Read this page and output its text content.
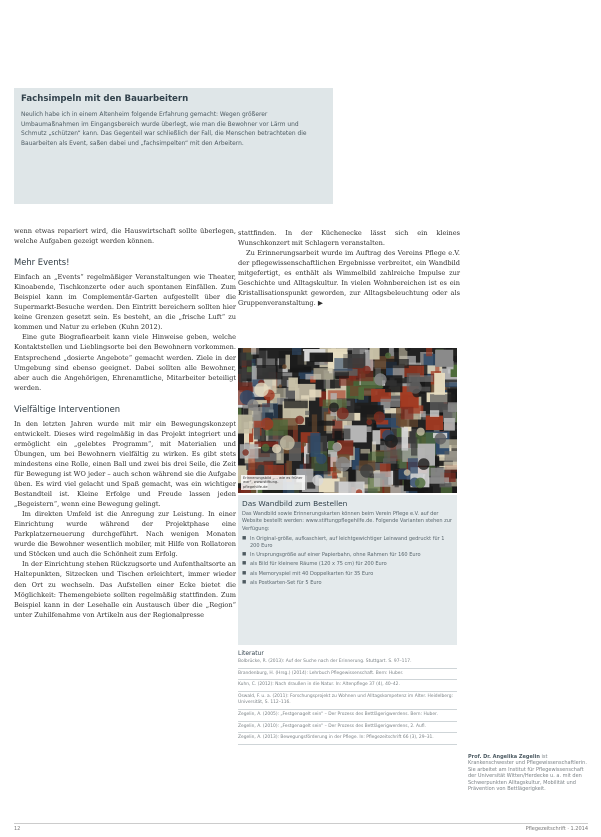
Fachsimpeln mit den Bauarbeitern

Neulich habe ich in einem Altenheim folgende Erfahrung gemacht: Wegen größerer Umbaumaßnahmen im Eingangsbereich wurde überlegt, wie man die Bewohner vor Lärm und Schmutz „schützen“ kann. Das Gegenteil war schließlich der Fall, die Menschen betrachteten die Bauarbeiten als Event, saßen dabei und „fachsimpelten“ mit den Arbeitern.

wenn etwas repariert wird, die Hauswirtschaft sollte überlegen, welche Aufgaben gezeigt werden können.

Mehr Events!

Einfach an „Events“ regelmäßiger Veranstaltungen wie Theater, Kinoabende, Tischkonzerte oder auch spontanen Einfällen. Zum Beispiel kann im Complementär-Garten aufgestellt über die Supermarkt-Besuche werden. Den Eintritt bereichern sollten hier keine Grenzen gesetzt sein. Es besteht, an die „frische Luft“ zu kommen und Natur zu erleben (Kuhn 2012).

Eine gute Biografiearbeit kann viele Hinweise geben, welche Kontaktstellen und Lieblingsorte bei den Bewohnern vorkommen. Entsprechend „dosierte Angebote“ gemacht werden. Ziele in der Umgebung sind ebenso geeignet. Dabei sollten alle Bewohner, aber auch die Angehörigen, Ehrenamtliche, Mitarbeiter beteiligt werden.

Vielfältige Interventionen

In den letzten Jahren wurde mit mir ein Bewegungskonzept entwickelt. Dieses wird regelmäßig in das Projekt integriert und ermöglicht ein „gelebtes Programm“, mit Materialien und Übungen, um bei Bewohnern vielfältig zu wirken. Es gibt stets mindestens eine Rolle, einen Ball und zwei bis drei Seile, die Zeit für Bewegung ist WO jeder – auch schon während sie die Aufgabe üben. Es wird viel gelacht und Spaß gemacht, was ein wichtiger Bestandteil ist. Kleine Erfolge und Freude lassen jeden „Begeistern“, wenn eine Bewegung gelingt.

Im direkten Umfeld ist die Anregung zur Leistung. In einer Einrichtung wurde während der Projektphase eine Parkplatzerneuerung durchgeführt. Nach wenigen Monaten wurde die Bewohner wesentlich mobiler, mit Hilfe von Rollatoren und Stöcken und auch die Schönheit zum Erfolg.

In der Einrichtung stehen Rückzugsorte und Aufenthaltsorte an Haltepunkten, Sitzecken und Tischen erleichtert, immer wieder den Ort zu wechseln. Das Aufstellen einer Ecke bietet die Möglichkeit: Themengebiete sollten regelmäßig stattfinden. Zum Beispiel kann in der Lesehalle ein Austausch über die „Region“ unter Zuhilfenahme von Artikeln aus der Regionalpresse

stattfinden. In der Küchenecke lässt sich ein kleines Wunschkonzert mit Schlagern veranstalten.

Zu Erinnerungsarbeit wurde im Auftrag des Vereins Pflege e.V. der pflegewissenschaftlichen Ergebnisse verbreitet, ein Wandbild mitgefertigt, es enthält als Wimmelbild zahlreiche Impulse zur Geschichte und Alltagskultur. In vielen Wohnbereichen ist es ein Kristallisationspunkt geworden, zur Alltagsbeleuchtung oder als Gruppenveranstaltung. ▶

Erinnerungsbild „… wie es früher war“, www.stiftung-pflegehilfe.de
Das Wandbild zum Bestellen

Das Wandbild sowie Erinnerungskarten können beim Verein Pflege e.V. auf der Website bestellt werden: www.stiftungpflegehilfe.de. Folgende Varianten stehen zur Verfügung:

■ In Original-größe, aufkaschiert, auf leichtgewichtiger Leinwand gedruckt für 1 200 Euro
■ In Ursprungsgröße auf einer Papierbahn, ohne Rahmen für 160 Euro
■ als Bild für kleinere Räume (120 x 75 cm) für 200 Euro
■ als Memoryspiel mit 40 Doppelkarten für 35 Euro
■ als Postkarten-Set für 5 Euro
Literatur

Bolbrücke, R. (2013): Auf der Suche nach der Erinnerung. Stuttgart. S. 97–117.

Brandenburg, H. (Hrsg.) (2014): Lehrbuch Pflegewissenschaft. Bern: Huber.

Kuhn, C. (2012): Nach draußen in die Natur. In: Altenpflege 37 (4), 40–42.

Oswald, F. u. a. (2011): Forschungsprojekt zu Wohnen und Alltagskompetenz im Alter. Heidelberg: Universität, S. 112–116.

Zegelin, A. (2005): „Festgenagelt sein“ – Der Prozess des Bettlägerigwerdens. Bern: Huber.

Zegelin, A. (2010): „Festgenagelt sein“ – Der Prozess des Bettlägerigwerdens, 2. Aufl.

Zegelin, A. (2013): Bewegungsförderung in der Pflege. In: Pflegezeitschrift 66 (3), 29–31.

Prof. Dr. Angelika Zegelin ist Krankenschwester und Pflegewissenschaftlerin. Sie arbeitet am Institut für Pflegewissenschaft der Universität Witten/Herdecke u. a. mit den Schwerpunkten Alltagskultur, Mobilität und Prävention von Bettlägerigkeit.
12	Pflegezeitschrift · 1.2014
